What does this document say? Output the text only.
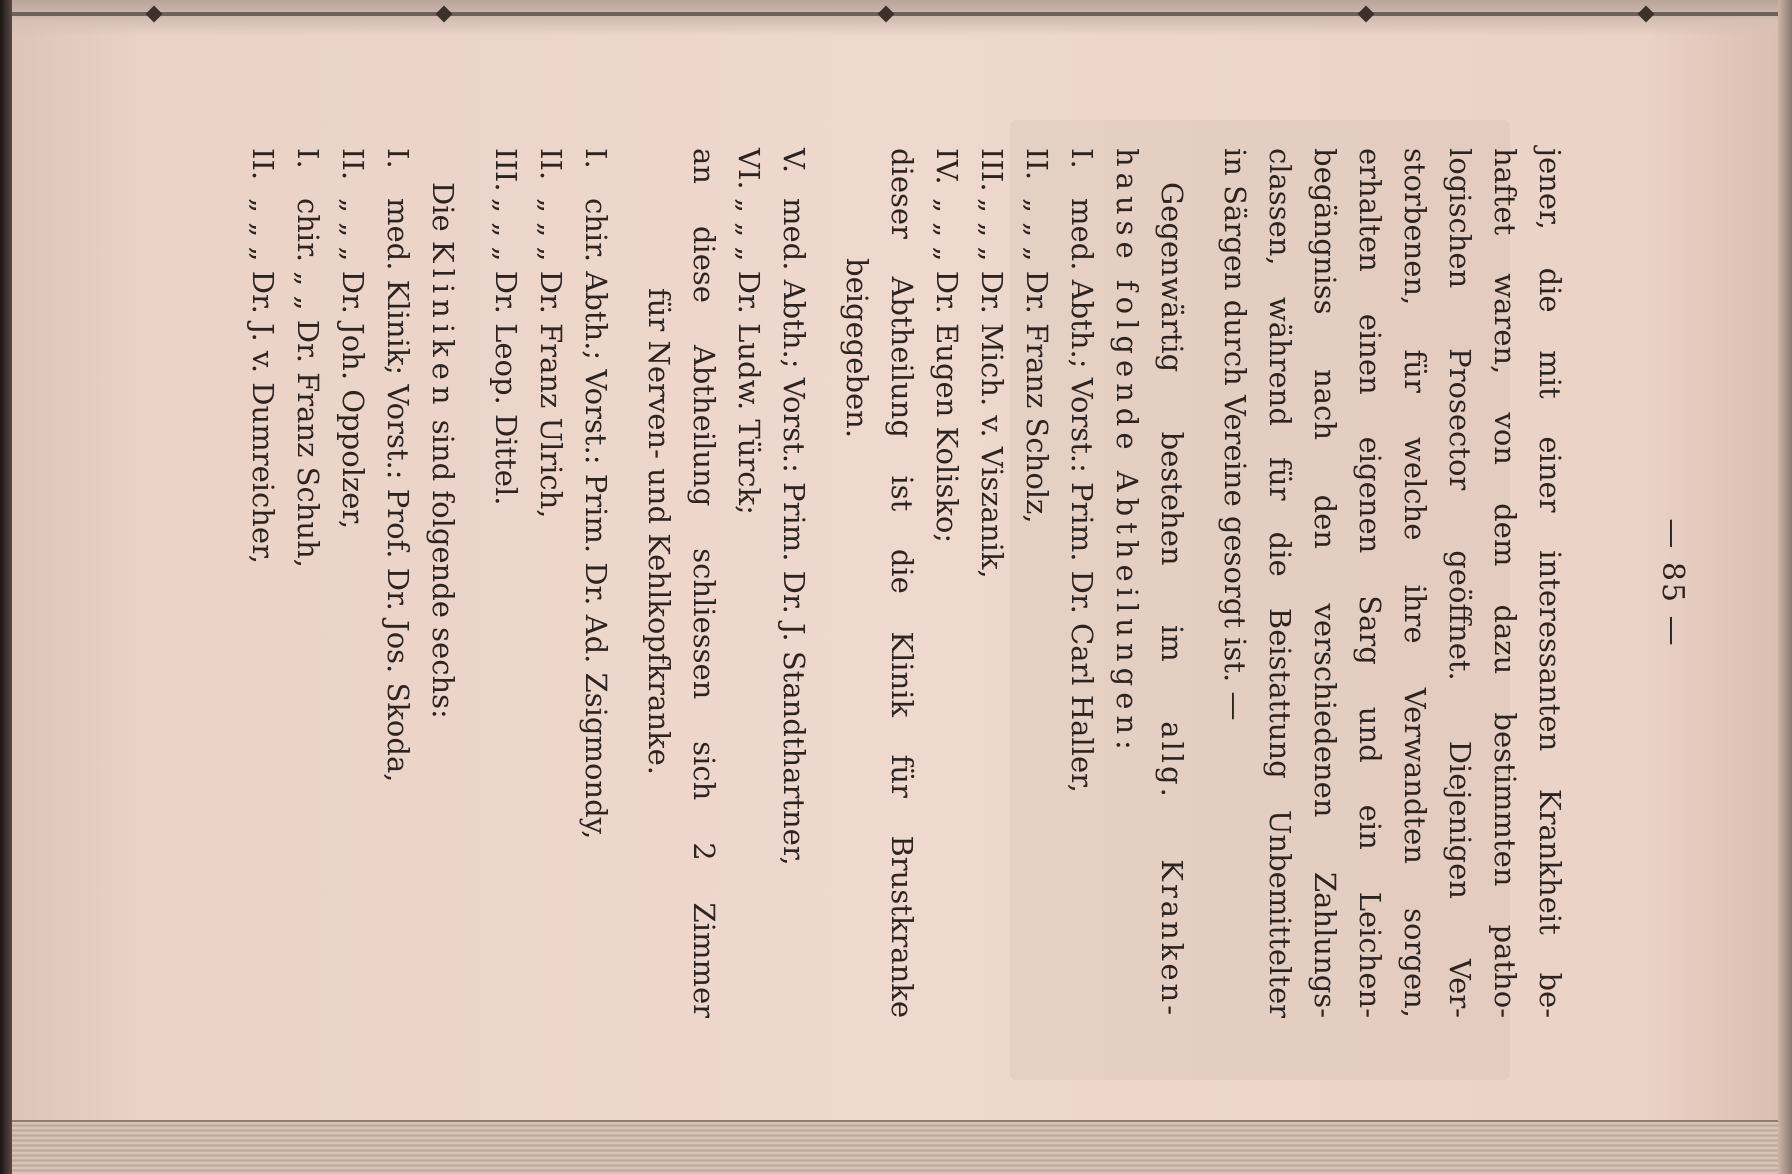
— 85 —
jener, die mit einer interessanten Krankheit be-
haftet waren, von dem dazu bestimmten patho-
logischen Prosector geöffnet. Diejenigen Ver-
storbenen, für welche ihre Verwandten sorgen,
erhalten einen eigenen Sarg und ein Leichen-
begängniss nach den verschiedenen Zahlungs-
classen, während für die Beistattung Unbemittelter
in Särgen durch Vereine gesorgt ist. —
Gegenwärtig bestehen im allg. Kranken-
hause folgende Abtheilungen:
I.
med. Abth.; Vorst.: Prim. Dr. Carl Haller,
II.
„ „ „ Dr. Franz Scholz,
III.
„ „ „ Dr. Mich. v. Viszanik,
IV.
„ „ „ Dr. Eugen Kolisko;
dieser Abtheilung ist die Klinik für Brustkranke
beigegeben.
V.
med. Abth.; Vorst.: Prim. Dr. J. Standthartner,
VI.
„ „ „ Dr. Ludw. Türck;
an diese Abtheilung schliessen sich 2 Zimmer
für Nerven- und Kehlkopfkranke.
I.
chir. Abth.; Vorst.: Prim. Dr. Ad. Zsigmondy,
II.
„ „ „ Dr. Franz Ulrich,
III.
„ „ „ Dr. Leop. Dittel.
Die Kliniken sind folgende sechs:
I.
med. Klinik; Vorst.: Prof. Dr. Jos. Skoda,
II.
„ „ „ Dr. Joh. Oppolzer,
I.
chir. „ „ Dr. Franz Schuh,
II.
„ „ „ Dr. J. v. Dumreicher,
